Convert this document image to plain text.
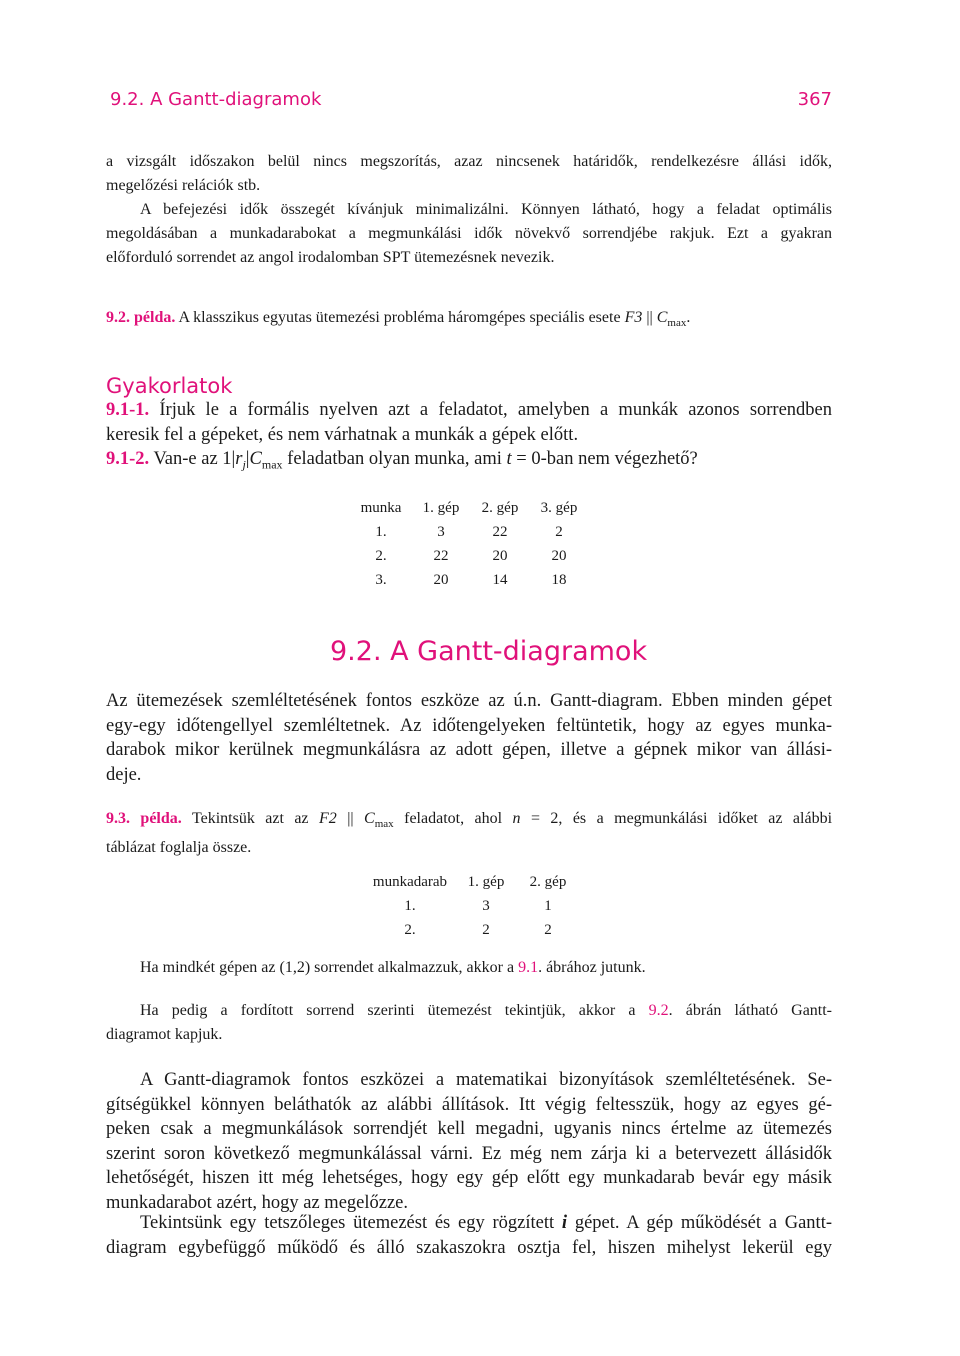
9.2. A Gantt-diagramok	367

a vizsgált időszakon belül nincs megszorítás, azaz nincsenek határidők, rendelkezésre állási idők,

megelőzési relációk stb.

A befejezési idők összegét kívánjuk minimalizálni. Könnyen látható, hogy a feladat optimális

megoldásában a munkadarabokat a megmunkálási idők növekvő sorrendjébe rakjuk. Ezt a gyakran

előforduló sorrendet az angol irodalomban SPT ütemezésnek nevezik.

9.2. példa. A klasszikus egyutas ütemezési probléma háromgépes speciális esete F3 || $C_{max}$.
Gyakorlatok

9.1-1. Írjuk le a formális nyelven azt a feladatot, amelyben a munkák azonos sorrendben

keresik fel a gépeket, és nem várhatnak a munkák a gépek előtt.

9.1-2. Van-e az $1|r_j|C_{max}$ feladatban olyan munka, ami t = 0-ban nem végezhető?

munka	1. gép	2. gép	3. gép
1.	3	22	2
2.	22	20	20
3.	20	14	18
9.2. A Gantt-diagramok

Az ütemezések szemléltetésének fontos eszköze az ú.n. Gantt-diagram. Ebben minden gépet

egy-egy időtengellyel szemléltetnek. Az időtengelyeken feltüntetik, hogy az egyes munka-

darabok mikor kerülnek megmunkálásra az adott gépen, illetve a gépnek mikor van állási-

deje.

9.3. példa. Tekintsük azt az F2 || $C_{max}$ feladatot, ahol n = 2, és a megmunkálási időket az alábbi

táblázat foglalja össze.

munkadarab	1. gép	2. gép
1.	3	1
2.	2	2
Ha mindkét gépen az (1,2) sorrendet alkalmazzuk, akkor a 9.1. ábrához jutunk.

Ha pedig a fordított sorrend szerinti ütemezést tekintjük, akkor a 9.2. ábrán látható Gantt-

diagramot kapjuk.

A Gantt-diagramok fontos eszközei a matematikai bizonyítások szemléltetésének. Se-

gítségükkel könnyen beláthatók az alábbi állítások. Itt végig feltesszük, hogy az egyes gé-

peken csak a megmunkálások sorrendjét kell megadni, ugyanis nincs értelme az ütemezés

szerint soron következő megmunkálással várni. Ez még nem zárja ki a betervezett állásidők

lehetőségét, hiszen itt még lehetséges, hogy egy gép előtt egy munkadarab bevár egy másik

munkadarabot azért, hogy az megelőzze.

Tekintsünk egy tetszőleges ütemezést és egy rögzített i gépet. A gép működését a Gantt-

diagram egybefüggő működő és álló szakaszokra osztja fel, hiszen mihelyst lekerül egy
